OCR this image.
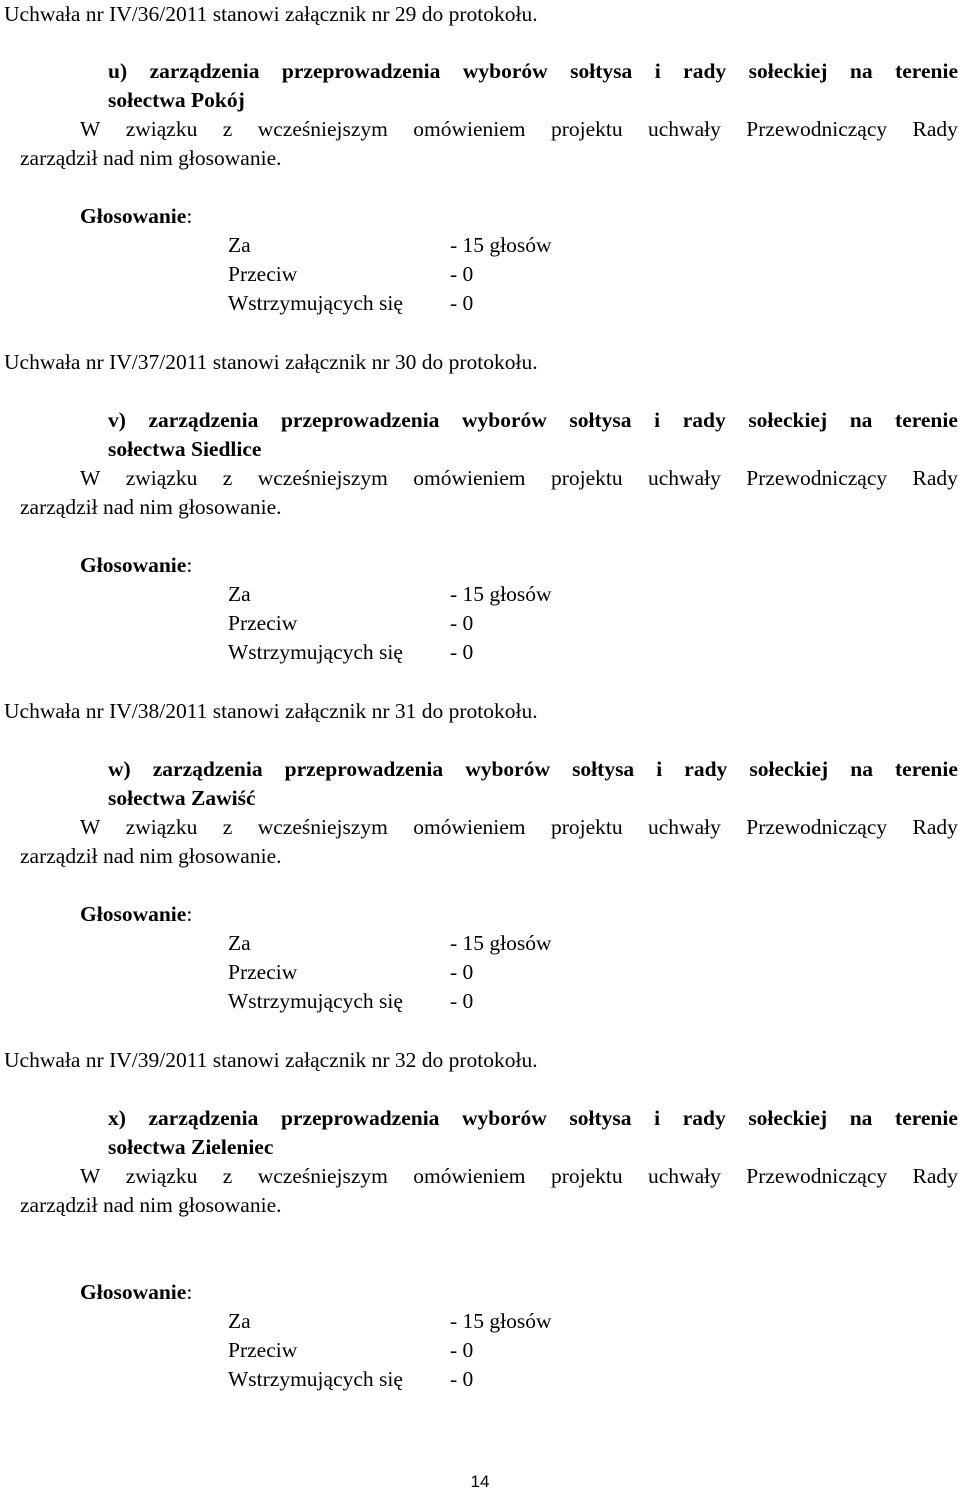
Uchwała nr IV/36/2011 stanowi załącznik nr 29 do protokołu.
u) zarządzenia przeprowadzenia wyborów sołtysa i rady sołeckiej na terenie
sołectwa Pokój
W związku z wcześniejszym omówieniem projektu uchwały Przewodniczący Rady
zarządził nad nim głosowanie.
Głosowanie:
Za	- 15 głosów
Przeciw	- 0
Wstrzymujących się - 0
Uchwała nr IV/37/2011 stanowi załącznik nr 30 do protokołu.
v) zarządzenia przeprowadzenia wyborów sołtysa i rady sołeckiej na terenie
sołectwa Siedlice
W związku z wcześniejszym omówieniem projektu uchwały Przewodniczący Rady
zarządził nad nim głosowanie.
Głosowanie:
Za	- 15 głosów
Przeciw	- 0
Wstrzymujących się - 0
Uchwała nr IV/38/2011 stanowi załącznik nr 31 do protokołu.
w) zarządzenia przeprowadzenia wyborów sołtysa i rady sołeckiej na terenie
sołectwa Zawiść
W związku z wcześniejszym omówieniem projektu uchwały Przewodniczący Rady
zarządził nad nim głosowanie.
Głosowanie:
Za	- 15 głosów
Przeciw	- 0
Wstrzymujących się - 0
Uchwała nr IV/39/2011 stanowi załącznik nr 32 do protokołu.
x) zarządzenia przeprowadzenia wyborów sołtysa i rady sołeckiej na terenie
sołectwa Zieleniec
W związku z wcześniejszym omówieniem projektu uchwały Przewodniczący Rady
zarządził nad nim głosowanie.
Głosowanie:
Za	- 15 głosów
Przeciw	- 0
Wstrzymujących się - 0
14
